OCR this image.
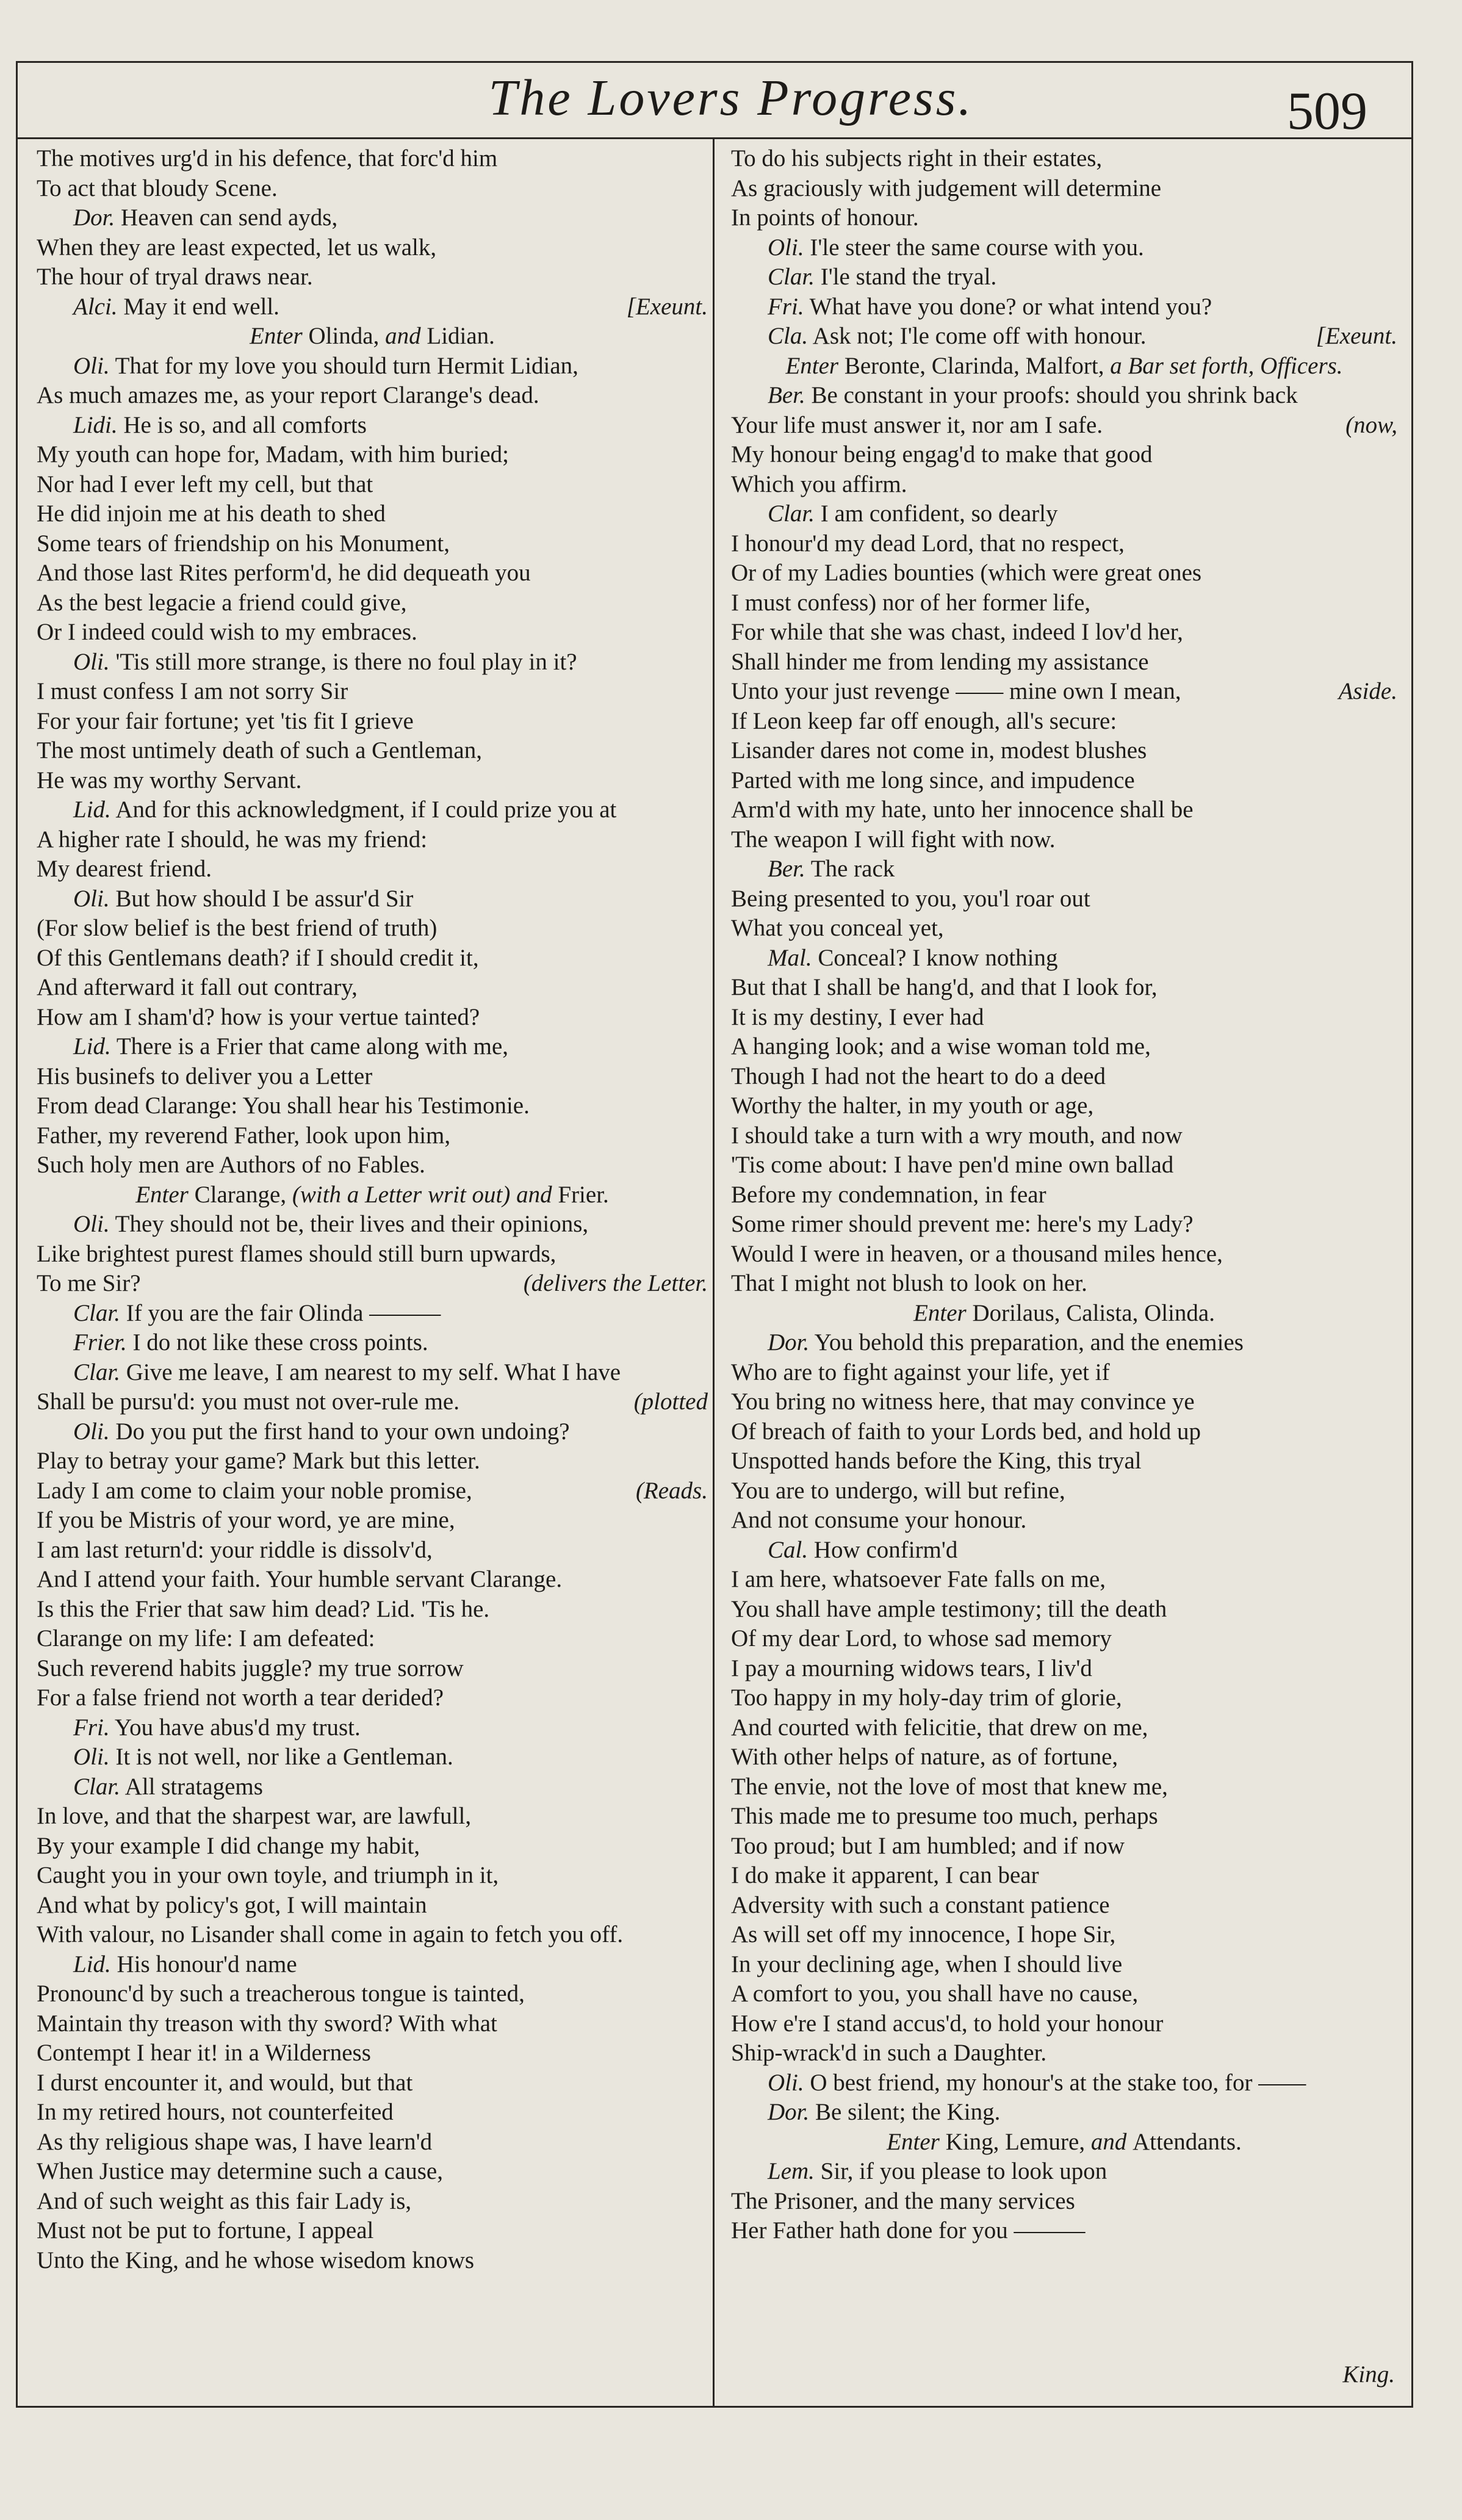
The Lovers Progress.	509
The motives urg'd in his defence, that forc'd him
To act that bloudy Scene.
Dor. Heaven can send ayds,
When they are least expected, let us walk,
The hour of tryal draws near.
Alci. May it end well.	[Exeunt.
Enter Olinda, and Lidian.
Oli. That for my love you should turn Hermit Lidian,
As much amazes me, as your report Clarange's dead.
Lidi. He is so, and all comforts
My youth can hope for, Madam, with him buried;
Nor had I ever left my cell, but that
He did injoin me at his death to shed
Some tears of friendship on his Monument,
And those last Rites perform'd, he did dequeath you
As the best legacie a friend could give,
Or I indeed could wish to my embraces.
Oli. 'Tis still more strange, is there no foul play in it?
I must confess I am not sorry Sir
For your fair fortune; yet 'tis fit I grieve
The most untimely death of such a Gentleman,
He was my worthy Servant.
Lid. And for this acknowledgment, if I could prize you at
A higher rate I should, he was my friend:
My dearest friend.
Oli. But how should I be assur'd Sir
(For slow belief is the best friend of truth)
Of this Gentlemans death? if I should credit it,
And afterward it fall out contrary,
How am I sham'd? how is your vertue tainted?
Lid. There is a Frier that came along with me,
His businefs to deliver you a Letter
From dead Clarange: You shall hear his Testimonie.
Father, my reverend Father, look upon him,
Such holy men are Authors of no Fables.
Enter Clarange, (with a Letter writ out) and Frier.
Oli. They should not be, their lives and their opinions,
Like brightest purest flames should still burn upwards,
To me Sir?	(delivers the Letter.
Clar. If you are the fair Olinda ———
Frier. I do not like these cross points.
Clar. Give me leave, I am nearest to my self. What I have
Shall be pursu'd: you must not over-rule me.	(plotted
Oli. Do you put the first hand to your own undoing?
Play to betray your game? Mark but this letter.
Lady I am come to claim your noble promise,	(Reads.
If you be Mistris of your word, ye are mine,
I am last return'd: your riddle is dissolv'd,
And I attend your faith. Your humble servant Clarange.
Is this the Frier that saw him dead? Lid. 'Tis he.
Clarange on my life: I am defeated:
Such reverend habits juggle? my true sorrow
For a false friend not worth a tear derided?
Fri. You have abus'd my trust.
Oli. It is not well, nor like a Gentleman.
Clar. All stratagems
In love, and that the sharpest war, are lawfull,
By your example I did change my habit,
Caught you in your own toyle, and triumph in it,
And what by policy's got, I will maintain
With valour, no Lisander shall come in again to fetch you off.
Lid. His honour'd name
Pronounc'd by such a treacherous tongue is tainted,
Maintain thy treason with thy sword? With what
Contempt I hear it! in a Wilderness
I durst encounter it, and would, but that
In my retired hours, not counterfeited
As thy religious shape was, I have learn'd
When Justice may determine such a cause,
And of such weight as this fair Lady is,
Must not be put to fortune, I appeal
Unto the King, and he whose wisedom knows
To do his subjects right in their estates,
As graciously with judgement will determine
In points of honour.
Oli. I'le steer the same course with you.
Clar. I'le stand the tryal.
Fri. What have you done? or what intend you?
Cla. Ask not; I'le come off with honour.	[Exeunt.
Enter Beronte, Clarinda, Malfort, a Bar set forth, Officers.
Ber. Be constant in your proofs: should you shrink back
Your life must answer it, nor am I safe.	(now,
My honour being engag'd to make that good
Which you affirm.
Clar. I am confident, so dearly
I honour'd my dead Lord, that no respect,
Or of my Ladies bounties (which were great ones
I must confess) nor of her former life,
For while that she was chast, indeed I lov'd her,
Shall hinder me from lending my assistance
Unto your just revenge —— mine own I mean,	Aside.
If Leon keep far off enough, all's secure:
Lisander dares not come in, modest blushes
Parted with me long since, and impudence
Arm'd with my hate, unto her innocence shall be
The weapon I will fight with now.
Ber. The rack
Being presented to you, you'l roar out
What you conceal yet,
Mal. Conceal? I know nothing
But that I shall be hang'd, and that I look for,
It is my destiny, I ever had
A hanging look; and a wise woman told me,
Though I had not the heart to do a deed
Worthy the halter, in my youth or age,
I should take a turn with a wry mouth, and now
'Tis come about: I have pen'd mine own ballad
Before my condemnation, in fear
Some rimer should prevent me: here's my Lady?
Would I were in heaven, or a thousand miles hence,
That I might not blush to look on her.
Enter Dorilaus, Calista, Olinda.
Dor. You behold this preparation, and the enemies
Who are to fight against your life, yet if
You bring no witness here, that may convince ye
Of breach of faith to your Lords bed, and hold up
Unspotted hands before the King, this tryal
You are to undergo, will but refine,
And not consume your honour.
Cal. How confirm'd
I am here, whatsoever Fate falls on me,
You shall have ample testimony; till the death
Of my dear Lord, to whose sad memory
I pay a mourning widows tears, I liv'd
Too happy in my holy-day trim of glorie,
And courted with felicitie, that drew on me,
With other helps of nature, as of fortune,
The envie, not the love of most that knew me,
This made me to presume too much, perhaps
Too proud; but I am humbled; and if now
I do make it apparent, I can bear
Adversity with such a constant patience
As will set off my innocence, I hope Sir,
In your declining age, when I should live
A comfort to you, you shall have no cause,
How e're I stand accus'd, to hold your honour
Ship-wrack'd in such a Daughter.
Oli. O best friend, my honour's at the stake too, for ——
Dor. Be silent; the King.
Enter King, Lemure, and Attendants.
Lem. Sir, if you please to look upon
The Prisoner, and the many services
Her Father hath done for you ———
King.
